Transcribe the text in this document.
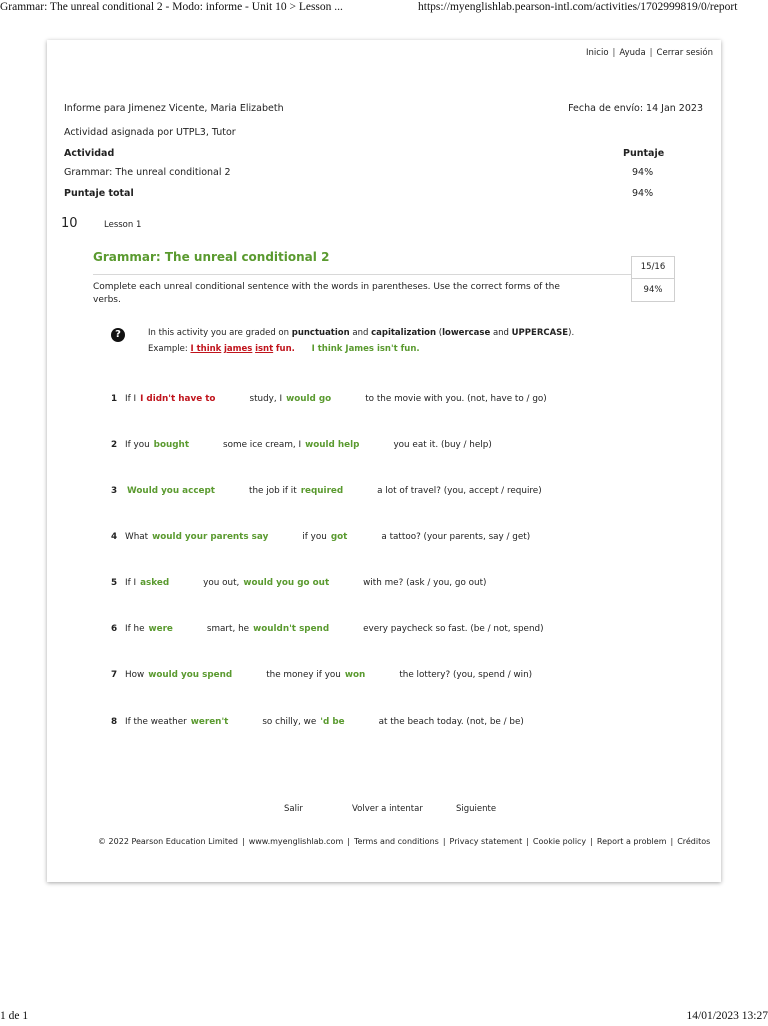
Grammar: The unreal conditional 2 - Modo: informe - Unit 10 > Lesson ...	https://myenglishlab.pearson-intl.com/activities/1702999819/0/report
Inicio | Ayuda | Cerrar sesión
Informe para Jimenez Vicente, Maria Elizabeth	Fecha de envío: 14 Jan 2023
Actividad asignada por UTPL3, Tutor
Actividad	Puntaje
Grammar: The unreal conditional 2	94%
Puntaje total	94%
10	Lesson 1
Grammar: The unreal conditional 2
15/16
94%
Complete each unreal conditional sentence with the words in parentheses. Use the correct forms of the verbs.
?	In this activity you are graded on punctuation and capitalization (lowercase and UPPERCASE).
Example: I think james isnt fun. I think James isn't fun.
1 If I I didn't have to	study, I would go	to the movie with you. (not, have to / go)
2 If you bought	some ice cream, I would help	you eat it. (buy / help)
3 Would you accept	the job if it required	a lot of travel? (you, accept / require)
4 What would your parents say	if you got	a tattoo? (your parents, say / get)
5 If I asked	you out, would you go out	with me? (ask / you, go out)
6 If he were	smart, he wouldn't spend	every paycheck so fast. (be / not, spend)
7 How would you spend	the money if you won	the lottery? (you, spend / win)
8 If the weather weren't	so chilly, we 'd be	at the beach today. (not, be / be)
Salir	Volver a intentar	Siguiente
© 2022 Pearson Education Limited | www.myenglishlab.com | Terms and conditions | Privacy statement | Cookie policy | Report a problem | Créditos
1 de 1	14/01/2023 13:27
